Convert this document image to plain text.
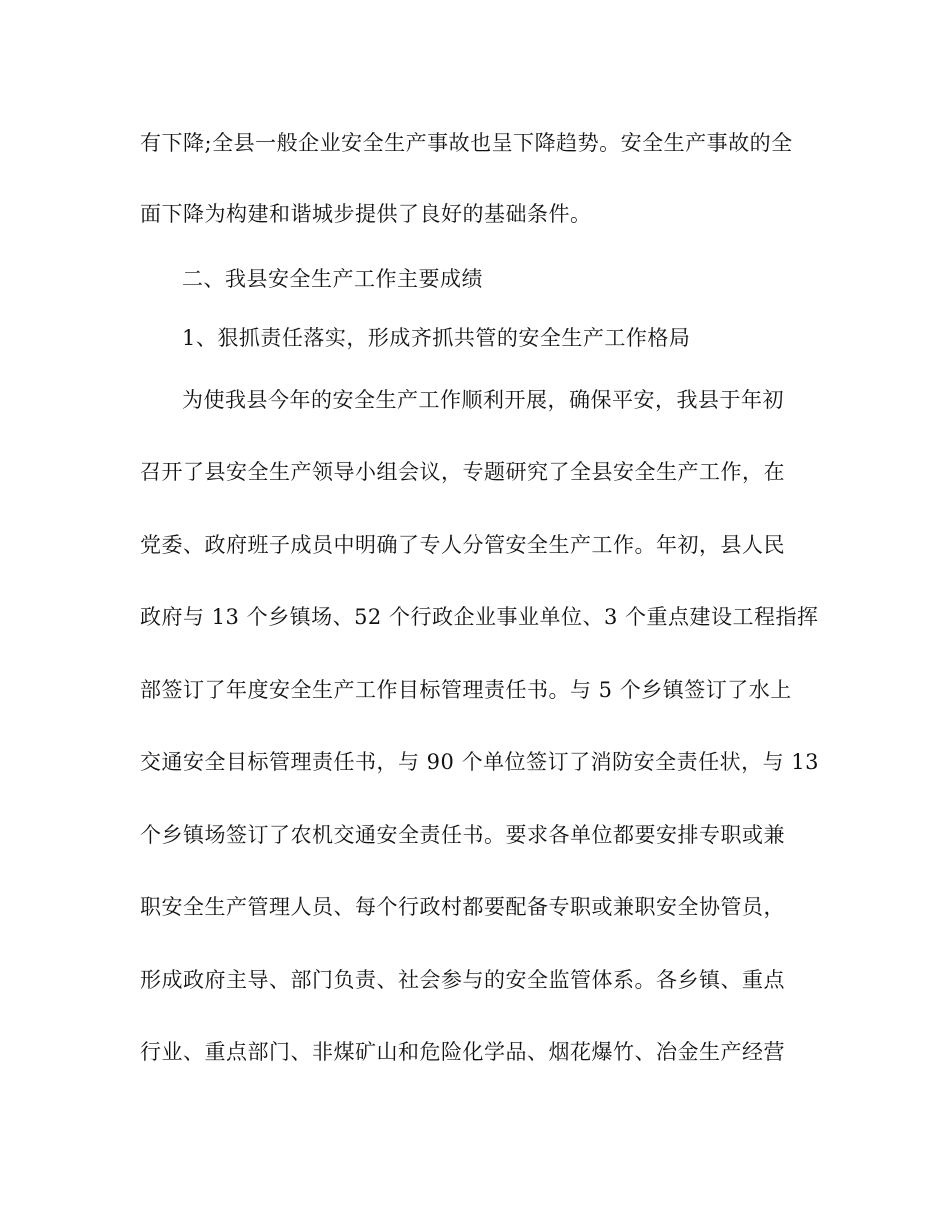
有下降;全县一般企业安全生产事故也呈下降趋势。安全生产事故的全
面下降为构建和谐城步提供了良好的基础条件。
二、我县安全生产工作主要成绩
1、狠抓责任落实，形成齐抓共管的安全生产工作格局
为使我县今年的安全生产工作顺利开展，确保平安，我县于年初
召开了县安全生产领导小组会议，专题研究了全县安全生产工作，在
党委、政府班子成员中明确了专人分管安全生产工作。年初，县人民
政府与 13 个乡镇场、52 个行政企业事业单位、3 个重点建设工程指挥
部签订了年度安全生产工作目标管理责任书。与 5 个乡镇签订了水上
交通安全目标管理责任书，与 90 个单位签订了消防安全责任状，与 13
个乡镇场签订了农机交通安全责任书。要求各单位都要安排专职或兼
职安全生产管理人员、每个行政村都要配备专职或兼职安全协管员，
形成政府主导、部门负责、社会参与的安全监管体系。各乡镇、重点
行业、重点部门、非煤矿山和危险化学品、烟花爆竹、冶金生产经营
